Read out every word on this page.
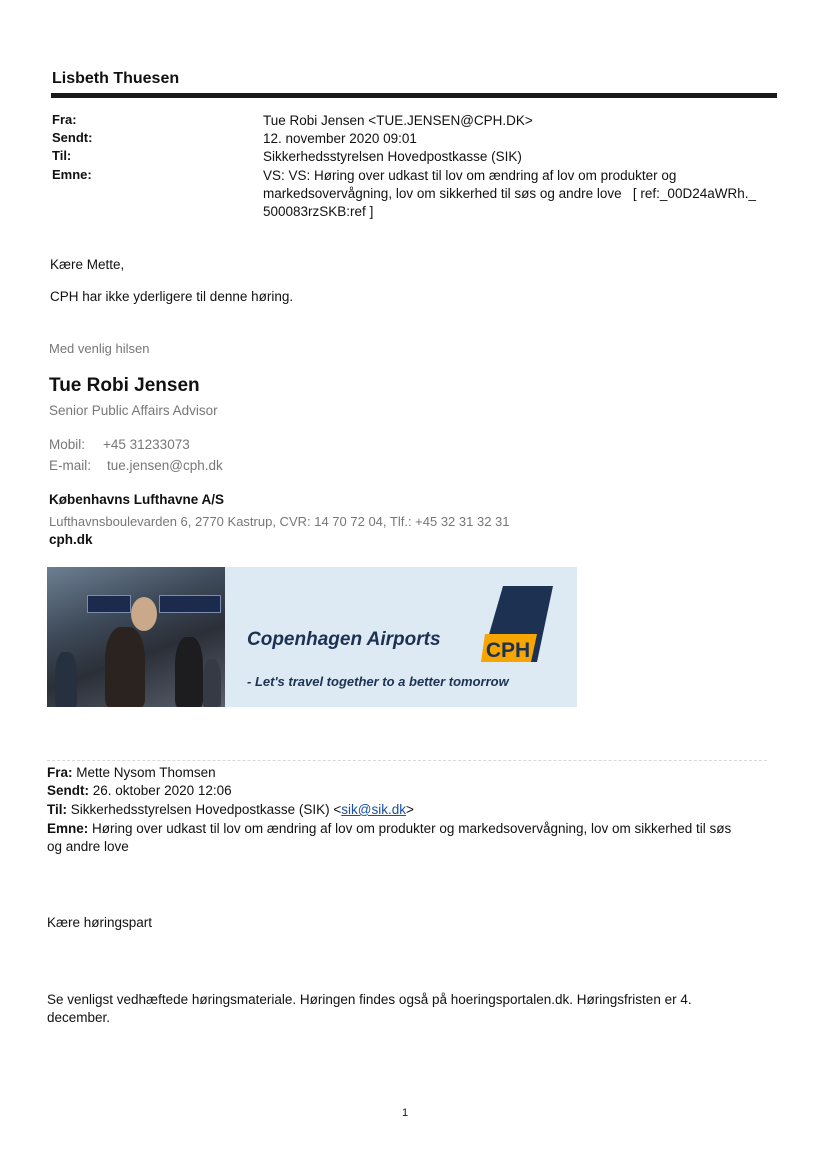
Lisbeth Thuesen
Fra:
Sendt:
Til:
Emne:
Tue Robi Jensen <TUE.JENSEN@CPH.DK>
12. november 2020 09:01
Sikkerhedsstyrelsen Hovedpostkasse (SIK)
VS: VS: Høring over udkast til lov om ændring af lov om produkter og
markedsovervågning, lov om sikkerhed til søs og andre love   [ ref:_00D24aWRh._
500083rzSKB:ref ]
Kære Mette,
CPH har ikke yderligere til denne høring.
Med venlig hilsen
Tue Robi Jensen
Senior Public Affairs Advisor
Mobil: +45 31233073
E-mail: tue.jensen@cph.dk
Københavns Lufthavne A/S
Lufthavnsboulevarden 6, 2770 Kastrup, CVR: 14 70 72 04, Tlf.: +45 32 31 32 31
cph.dk
Copenhagen Airports CPH
- Let's travel together to a better tomorrow
Fra: Mette Nysom Thomsen
Sendt: 26. oktober 2020 12:06
Til: Sikkerhedsstyrelsen Hovedpostkasse (SIK) <sik@sik.dk>
Emne: Høring over udkast til lov om ændring af lov om produkter og markedsovervågning, lov om sikkerhed til søs
og andre love
Kære høringspart
Se venligst vedhæftede høringsmateriale. Høringen findes også på hoeringsportalen.dk. Høringsfristen er 4.
december.
1
